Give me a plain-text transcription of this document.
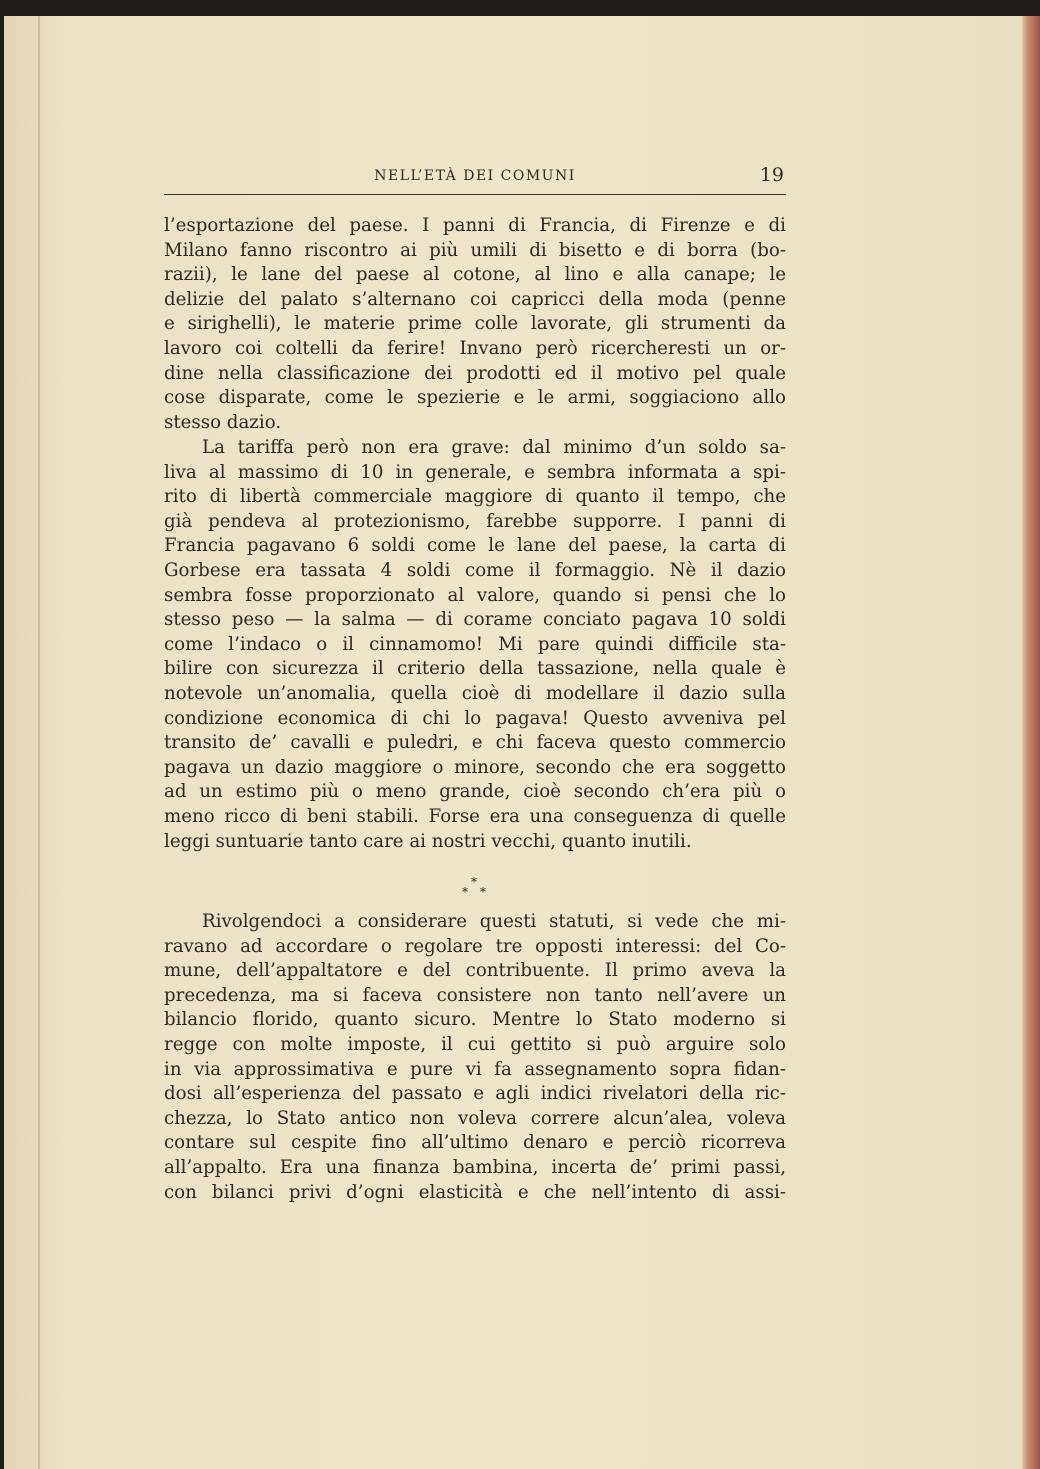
NELL’ETÀ DEI COMUNI	19
l’esportazione del paese. I panni di Francia, di Firenze e di
Milano fanno riscontro ai più umili di bisetto e di borra (bo-
razii), le lane del paese al cotone, al lino e alla canape; le
delizie del palato s’alternano coi capricci della moda (penne
e sirighelli), le materie prime colle lavorate, gli strumenti da
lavoro coi coltelli da ferire! Invano però ricercheresti un or-
dine nella classificazione dei prodotti ed il motivo pel quale
cose disparate, come le spezierie e le armi, soggiaciono allo
stesso dazio.
La tariffa però non era grave: dal minimo d’un soldo sa-
liva al massimo di 10 in generale, e sembra informata a spi-
rito di libertà commerciale maggiore di quanto il tempo, che
già pendeva al protezionismo, farebbe supporre. I panni di
Francia pagavano 6 soldi come le lane del paese, la carta di
Gorbese era tassata 4 soldi come il formaggio. Nè il dazio
sembra fosse proporzionato al valore, quando si pensi che lo
stesso peso — la salma — di corame conciato pagava 10 soldi
come l’indaco o il cinnamomo! Mi pare quindi difficile sta-
bilire con sicurezza il criterio della tassazione, nella quale è
notevole un’anomalia, quella cioè di modellare il dazio sulla
condizione economica di chi lo pagava! Questo avveniva pel
transito de’ cavalli e puledri, e chi faceva questo commercio
pagava un dazio maggiore o minore, secondo che era soggetto
ad un estimo più o meno grande, cioè secondo ch’era più o
meno ricco di beni stabili. Forse era una conseguenza di quelle
leggi suntuarie tanto care ai nostri vecchi, quanto inutili.
*
* *
Rivolgendoci a considerare questi statuti, si vede che mi-
ravano ad accordare o regolare tre opposti interessi: del Co-
mune, dell’appaltatore e del contribuente. Il primo aveva la
precedenza, ma si faceva consistere non tanto nell’avere un
bilancio florido, quanto sicuro. Mentre lo Stato moderno si
regge con molte imposte, il cui gettito si può arguire solo
in via approssimativa e pure vi fa assegnamento sopra fidan-
dosi all’esperienza del passato e agli indici rivelatori della ric-
chezza, lo Stato antico non voleva correre alcun’alea, voleva
contare sul cespite fino all’ultimo denaro e perciò ricorreva
all’appalto. Era una finanza bambina, incerta de’ primi passi,
con bilanci privi d’ogni elasticità e che nell’intento di assi-
